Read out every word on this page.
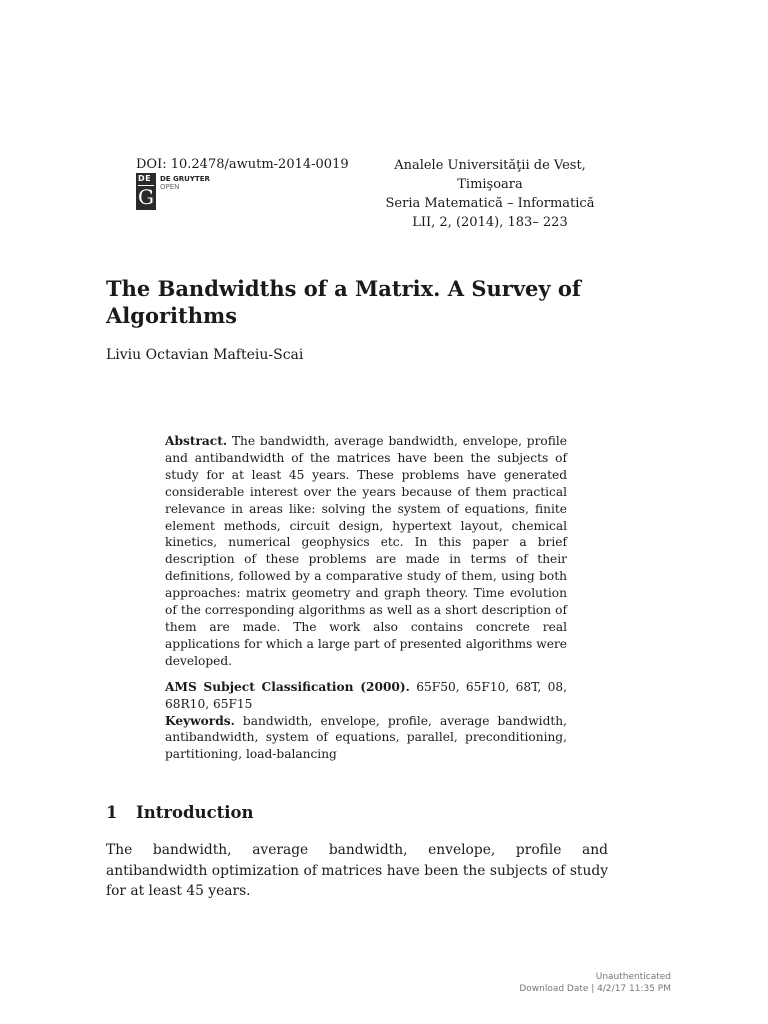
DOI: 10.2478/awutm-2014-0019	Analele Universităţii de Vest,
Timişoara
Seria Matematică – Informatică
LII, 2, (2014), 183– 223
DE
G
DE GRUYTER
OPEN
The Bandwidths of a Matrix. A Survey of Algorithms
Liviu Octavian Mafteiu-Scai

Abstract. The bandwidth, average bandwidth, envelope, profile and antibandwidth of the matrices have been the subjects of study for at least 45 years. These problems have generated considerable interest over the years because of them practical relevance in areas like: solving the system of equations, finite element methods, circuit design, hypertext layout, chemical kinetics, numerical geophysics etc. In this paper a brief description of these problems are made in terms of their definitions, followed by a comparative study of them, using both approaches: matrix geometry and graph theory. Time evolution of the corresponding algorithms as well as a short description of them are made. The work also contains concrete real applications for which a large part of presented algorithms were developed.

AMS Subject Classification (2000). 65F50, 65F10, 68T, 08, 68R10, 65F15

Keywords. bandwidth, envelope, profile, average bandwidth, antibandwidth, system of equations, parallel, preconditioning, partitioning, load-balancing

1 Introduction

The bandwidth, average bandwidth, envelope, profile and antibandwidth optimization of matrices have been the subjects of study for at least 45 years.

Unauthenticated
Download Date | 4/2/17 11:35 PM
